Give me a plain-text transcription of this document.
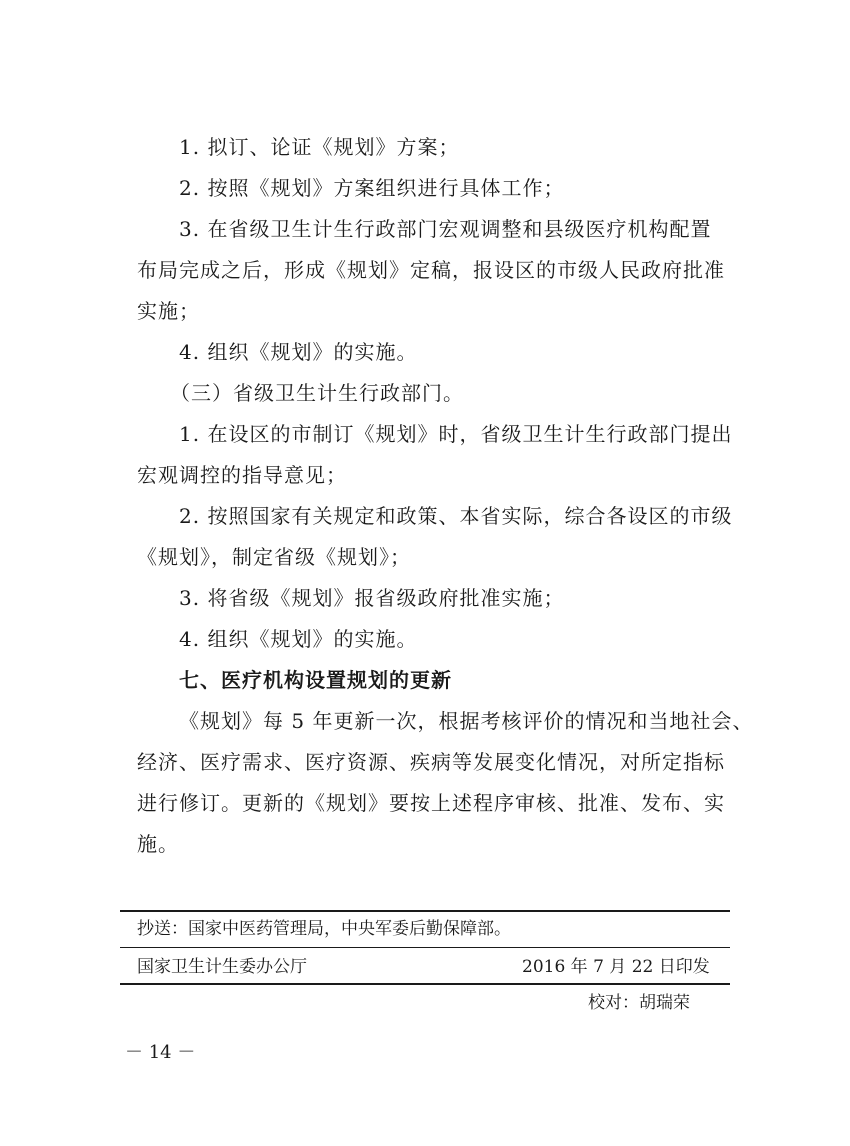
1. 拟订、论证《规划》方案；

2. 按照《规划》方案组织进行具体工作；

3. 在省级卫生计生行政部门宏观调整和县级医疗机构配置

布局完成之后，形成《规划》定稿，报设区的市级人民政府批准

实施；

4. 组织《规划》的实施。

（三）省级卫生计生行政部门。

1. 在设区的市制订《规划》时，省级卫生计生行政部门提出

宏观调控的指导意见；

2. 按照国家有关规定和政策、本省实际，综合各设区的市级

《规划》，制定省级《规划》；

3. 将省级《规划》报省级政府批准实施；

4. 组织《规划》的实施。

七、医疗机构设置规划的更新

《规划》每 5 年更新一次，根据考核评价的情况和当地社会、

经济、医疗需求、医疗资源、疾病等发展变化情况，对所定指标

进行修订。更新的《规划》要按上述程序审核、批准、发布、实

施。

抄送：国家中医药管理局，中央军委后勤保障部。

国家卫生计生委办公厅	2016 年 7 月 22 日印发

校对：胡瑞荣

－ 14 －
